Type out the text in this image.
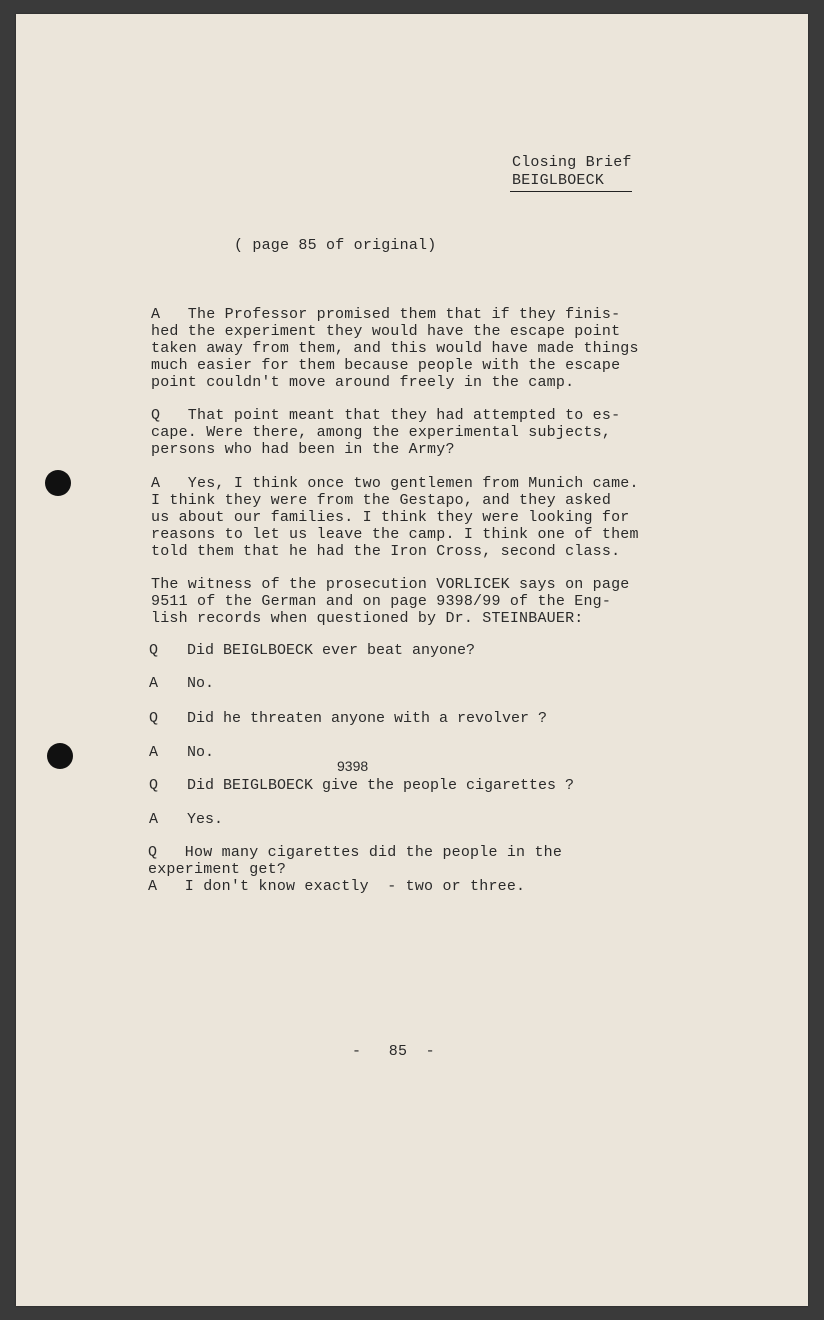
Closing Brief
BEIGLBOECK
( page 85 of original)
A   The Professor promised them that if they finis-
hed the experiment they would have the escape point
taken away from them, and this would have made things
much easier for them because people with the escape
point couldn't move around freely in the camp.
Q   That point meant that they had attempted to es-
cape. Were there, among the experimental subjects,
persons who had been in the Army?
A   Yes, I think once two gentlemen from Munich came.
I think they were from the Gestapo, and they asked
us about our families. I think they were looking for
reasons to let us leave the camp. I think one of them
told them that he had the Iron Cross, second class.
The witness of the prosecution VORLICEK says on page
9511 of the German and on page 9398/99 of the Eng-
lish records when questioned by Dr. STEINBAUER:
Q Did BEIGLBOECK ever beat anyone?
A No.
Q Did he threaten anyone with a revolver ?
A No.
9398
Q Did BEIGLBOECK give the people cigarettes ?
A Yes.
Q   How many cigarettes did the people in the
experiment get?
A   I don't know exactly  - two or three.
-   85  -
